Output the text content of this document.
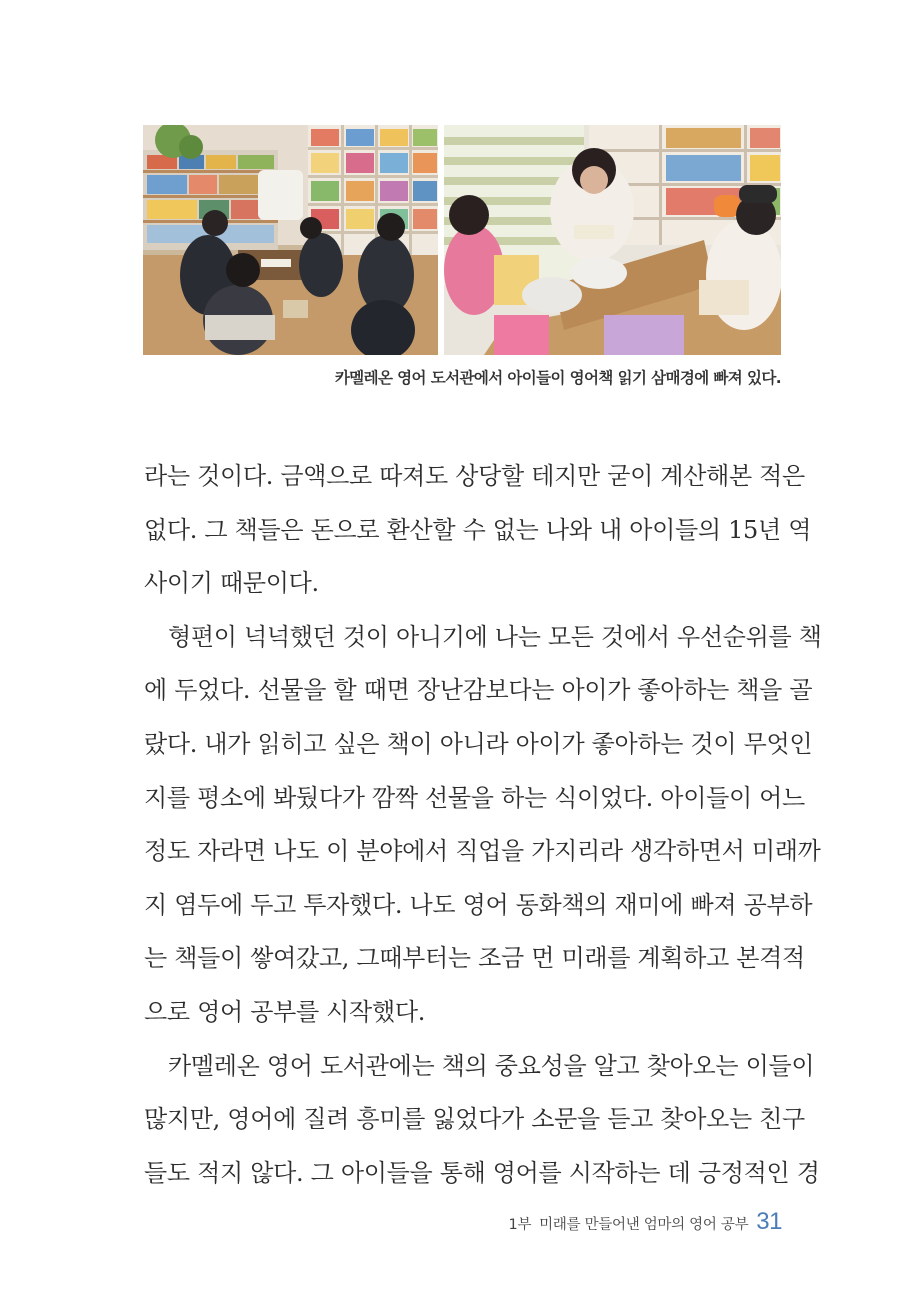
카멜레온 영어 도서관에서 아이들이 영어책 읽기 삼매경에 빠져 있다.
라는 것이다. 금액으로 따져도 상당할 테지만 굳이 계산해본 적은
없다. 그 책들은 돈으로 환산할 수 없는 나와 내 아이들의 15년 역
사이기 때문이다.
형편이 넉넉했던 것이 아니기에 나는 모든 것에서 우선순위를 책
에 두었다. 선물을 할 때면 장난감보다는 아이가 좋아하는 책을 골
랐다. 내가 읽히고 싶은 책이 아니라 아이가 좋아하는 것이 무엇인
지를 평소에 봐뒀다가 깜짝 선물을 하는 식이었다. 아이들이 어느
정도 자라면 나도 이 분야에서 직업을 가지리라 생각하면서 미래까
지 염두에 두고 투자했다. 나도 영어 동화책의 재미에 빠져 공부하
는 책들이 쌓여갔고, 그때부터는 조금 먼 미래를 계획하고 본격적
으로 영어 공부를 시작했다.
카멜레온 영어 도서관에는 책의 중요성을 알고 찾아오는 이들이
많지만, 영어에 질려 흥미를 잃었다가 소문을 듣고 찾아오는 친구
들도 적지 않다. 그 아이들을 통해 영어를 시작하는 데 긍정적인 경
1부 미래를 만들어낸 엄마의 영어 공부 31
